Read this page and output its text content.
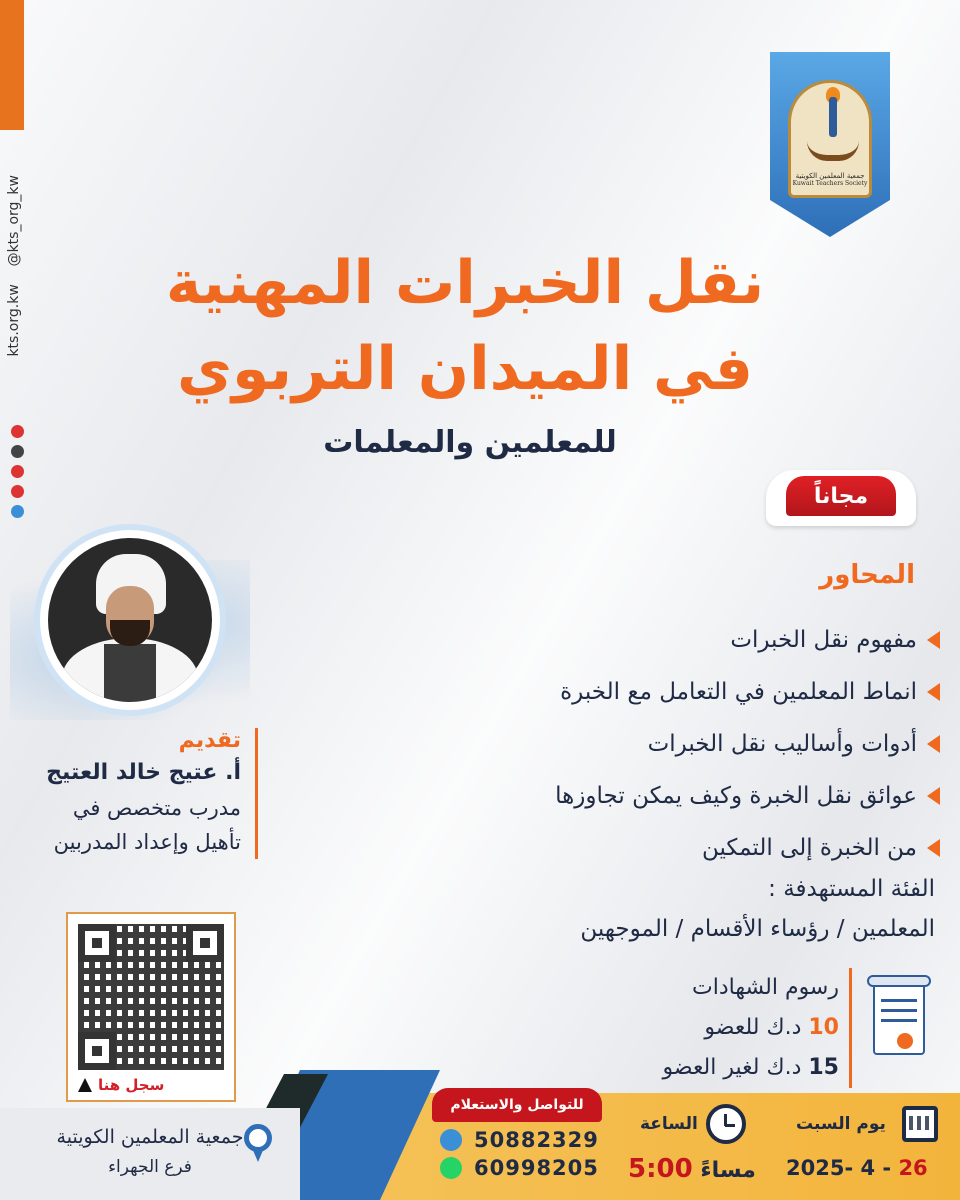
kts.org.kw    @kts_org_kw	جمعية المعلمين الكويتية
Kuwait Teachers Society
نقل الخبرات المهنية
في الميدان التربوي
للمعلمين والمعلمات
مجاناً
المحاور
مفهوم نقل الخبرات
انماط المعلمين في التعامل مع الخبرة
أدوات وأساليب نقل الخبرات
عوائق نقل الخبرة وكيف يمكن تجاوزها
من الخبرة إلى التمكين
الفئة المستهدفة :
المعلمين / رؤساء الأقسام / الموجهين
رسوم الشهادات
10 د.ك للعضو
15 د.ك لغير العضو
تقديم
أ. عتيج خالد العتيج
مدرب متخصص في
تأهيل وإعداد المدربين
سجل هنا
جمعية المعلمين الكويتية
فرع الجهراء
للتواصل والاستعلام
50882329
60998205
الساعة
مساءً 5:00
يوم السبت
2025- 4 - 26
